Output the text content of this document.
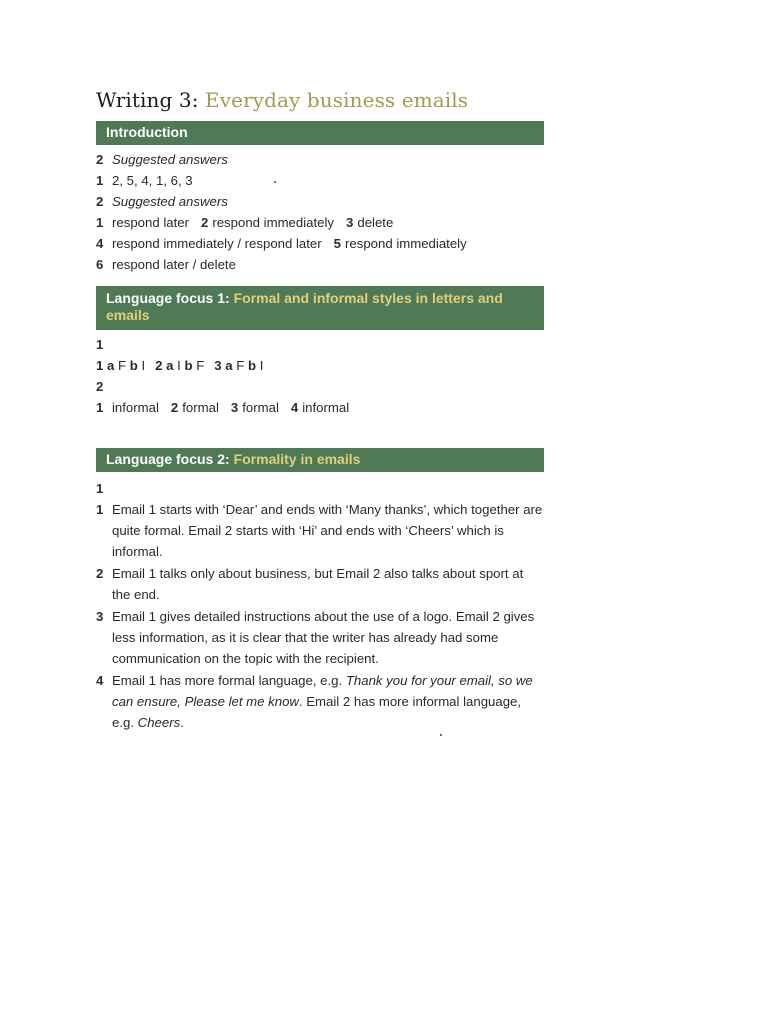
Writing 3: Everyday business emails
Introduction
2 Suggested answers
1 2, 5, 4, 1, 6, 3
2 Suggested answers
1 respond later 2 respond immediately 3 delete
4 respond immediately / respond later 5 respond immediately
6 respond later / delete
Language focus 1: Formal and informal styles in letters and emails
1
1 a F b I 2 a I b F 3 a F b I
2
1 informal 2 formal 3 formal 4 informal
Language focus 2: Formality in emails
1
1 Email 1 starts with ‘Dear’ and ends with ‘Many thanks’, which together are quite formal. Email 2 starts with ‘Hi’ and ends with ‘Cheers’ which is informal.
2 Email 1 talks only about business, but Email 2 also talks about sport at the end.
3 Email 1 gives detailed instructions about the use of a logo. Email 2 gives less information, as it is clear that the writer has already had some communication on the topic with the recipient.
4 Email 1 has more formal language, e.g. Thank you for your email, so we can ensure, Please let me know. Email 2 has more informal language, e.g. Cheers.
